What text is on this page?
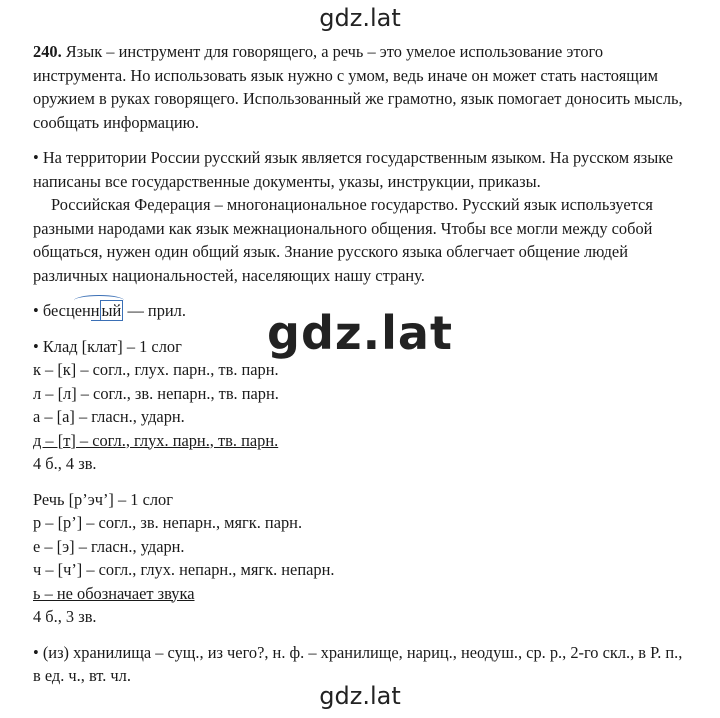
gdz.lat

240. Язык – инструмент для говорящего, а речь – это умелое использование этого инструмента. Но использовать язык нужно с умом, ведь иначе он может стать настоящим оружием в руках говорящего. Использованный же грамотно, язык помогает доносить мысль, сообщать информацию.

• На территории России русский язык является государственным языком. На русском языке написаны все государственные документы, указы, инструкции, приказы.

Российская Федерация – многонациональное государство. Русский язык используется разными народами как язык межнационального общения. Чтобы все могли между собой общаться, нужен один общий язык. Знание русского языка облегчает общение людей различных национальностей, населяющих нашу страну.

• бес
ценн ый — прил.

• Клад [клат] – 1 слог

к – [к] – согл., глух. парн., тв. парн.

л – [л] – согл., зв. непарн., тв. парн.

а – [а] – гласн., ударн.

д – [т] – согл., глух. парн., тв. парн.

4 б., 4 зв.

Речь [р’эч’] – 1 слог

р – [р’] – согл., зв. непарн., мягк. парн.

е – [э] – гласн., ударн.

ч – [ч’] – согл., глух. непарн., мягк. непарн.

ь – не обозначает звука

4 б., 3 зв.

• (из) хранилища – сущ., из чего?, н. ф. – хранилище, нариц., неодуш., ср. р., 2-го скл., в Р. п., в ед. ч., вт. чл.

gdz.lat
gdz.lat
